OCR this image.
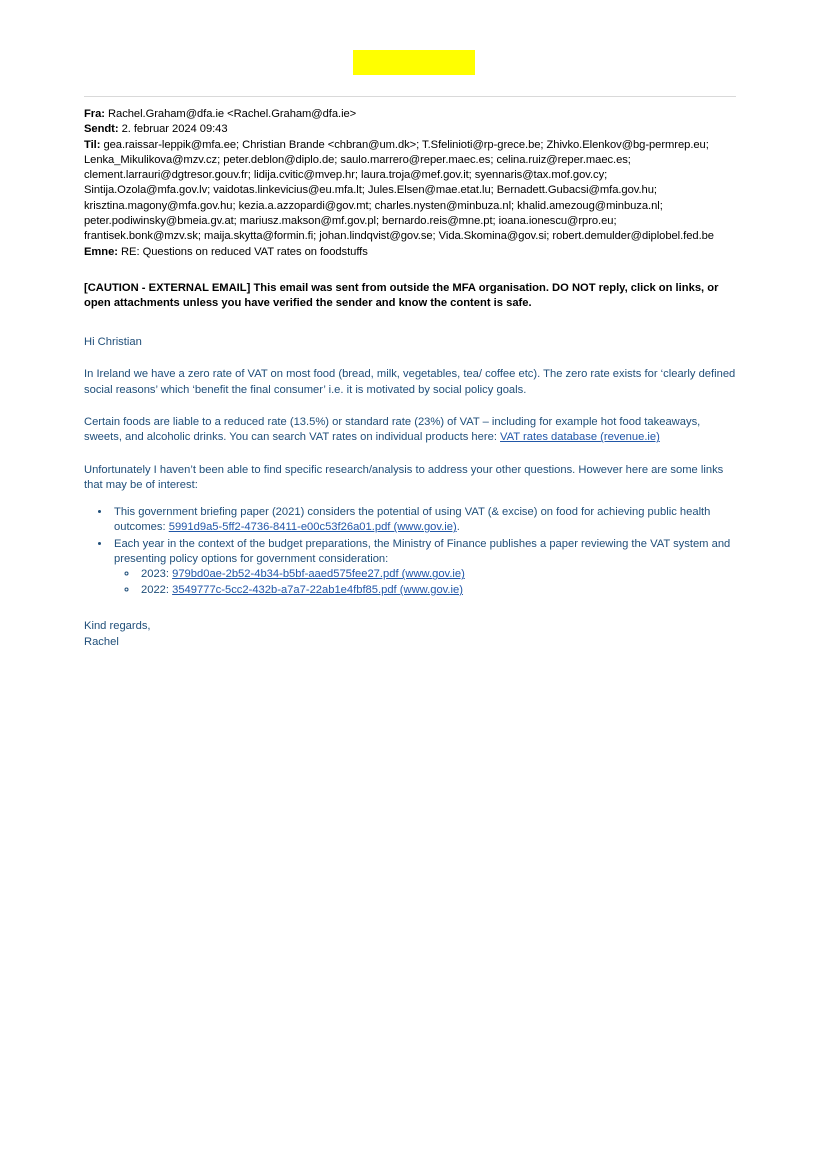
Fra: Rachel.Graham@dfa.ie <Rachel.Graham@dfa.ie>

Sendt: 2. februar 2024 09:43

Til: gea.raissar-leppik@mfa.ee; Christian Brande <chbran@um.dk>; T.Sfelinioti@rp-grece.be; Zhivko.Elenkov@bg-permrep.eu; Lenka_Mikulikova@mzv.cz; peter.deblon@diplo.de; saulo.marrero@reper.maec.es; celina.ruiz@reper.maec.es; clement.larrauri@dgtresor.gouv.fr; lidija.cvitic@mvep.hr; laura.troja@mef.gov.it; syennaris@tax.mof.gov.cy; Sintija.Ozola@mfa.gov.lv; vaidotas.linkevicius@eu.mfa.lt; Jules.Elsen@mae.etat.lu; Bernadett.Gubacsi@mfa.gov.hu; krisztina.magony@mfa.gov.hu; kezia.a.azzopardi@gov.mt; charles.nysten@minbuza.nl; khalid.amezoug@minbuza.nl; peter.podiwinsky@bmeia.gv.at; mariusz.makson@mf.gov.pl; bernardo.reis@mne.pt; ioana.ionescu@rpro.eu; frantisek.bonk@mzv.sk; maija.skytta@formin.fi; johan.lindqvist@gov.se; Vida.Skomina@gov.si; robert.demulder@diplobel.fed.be

Emne: RE: Questions on reduced VAT rates on foodstuffs

[CAUTION - EXTERNAL EMAIL] This email was sent from outside the MFA organisation. DO NOT reply, click on links, or open attachments unless you have verified the sender and know the content is safe.

Hi Christian

In Ireland we have a zero rate of VAT on most food (bread, milk, vegetables, tea/ coffee etc). The zero rate exists for ‘clearly defined social reasons’ which ‘benefit the final consumer’ i.e. it is motivated by social policy goals.

Certain foods are liable to a reduced rate (13.5%) or standard rate (23%) of VAT – including for example hot food takeaways, sweets, and alcoholic drinks. You can search VAT rates on individual products here: VAT rates database (revenue.ie)

Unfortunately I haven’t been able to find specific research/analysis to address your other questions. However here are some links that may be of interest:

• This government briefing paper (2021) considers the potential of using VAT (& excise) on food for achieving public health outcomes: 5991d9a5-5ff2-4736-8411-e00c53f26a01.pdf (www.gov.ie).
• Each year in the context of the budget preparations, the Ministry of Finance publishes a paper reviewing the VAT system and presenting policy options for government consideration:
◦ 2023: 979bd0ae-2b52-4b34-b5bf-aaed575fee27.pdf (www.gov.ie)
◦ 2022: 3549777c-5cc2-432b-a7a7-22ab1e4fbf85.pdf (www.gov.ie)

Kind regards,

Rachel
